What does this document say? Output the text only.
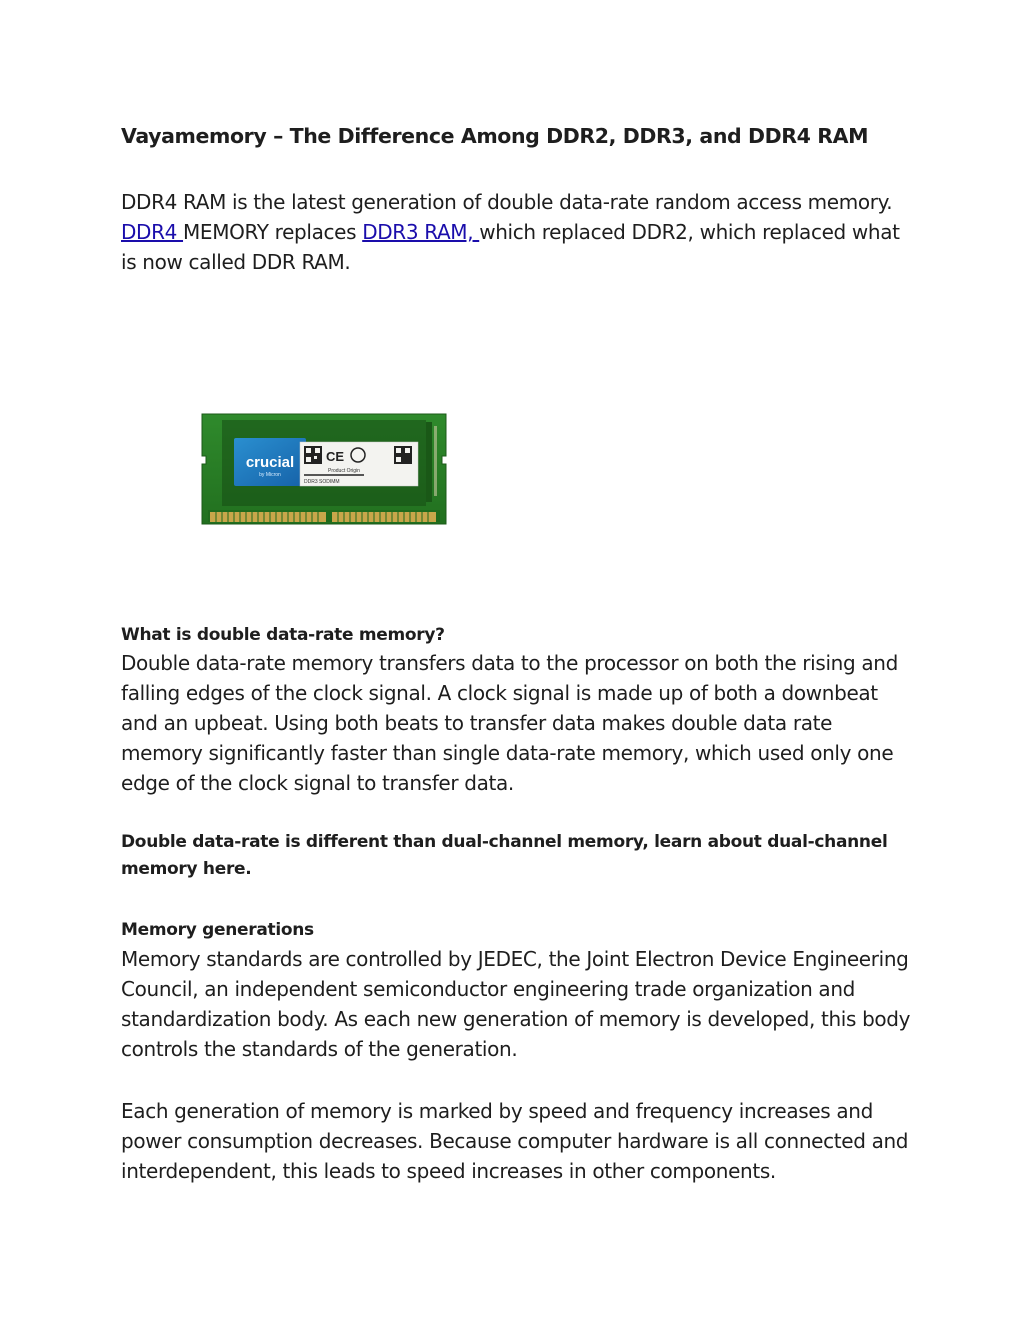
Vayamemory – The Difference Among DDR2, DDR3, and DDR4 RAM
DDR4 RAM is the latest generation of double data-rate random access memory. DDR4 MEMORY replaces DDR3 RAM, which replaced DDR2, which replaced what is now called DDR RAM.
What is double data-rate memory?
Double data-rate memory transfers data to the processor on both the rising and falling edges of the clock signal. A clock signal is made up of both a downbeat and an upbeat. Using both beats to transfer data makes double data rate memory significantly faster than single data-rate memory, which used only one edge of the clock signal to transfer data.
Double data-rate is different than dual-channel memory, learn about dual-channel memory here.
Memory generations
Memory standards are controlled by JEDEC, the Joint Electron Device Engineering Council, an independent semiconductor engineering trade organization and standardization body. As each new generation of memory is developed, this body controls the standards of the generation.
Each generation of memory is marked by speed and frequency increases and power consumption decreases. Because computer hardware is all connected and interdependent, this leads to speed increases in other components.
crucial
by Micron
CE
Product Origin
DDR3 SODIMM
